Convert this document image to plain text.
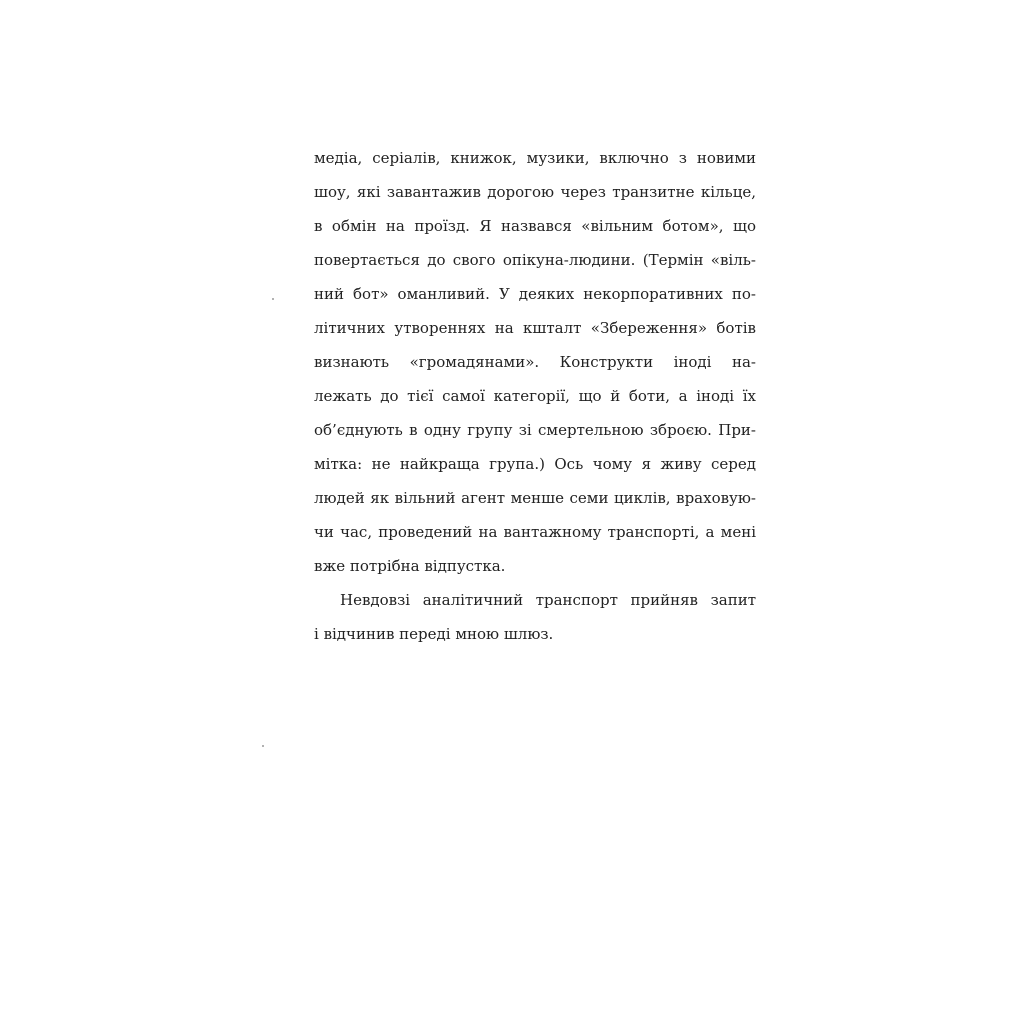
медіа, серіалів, книжок, музики, включно з новими
шоу, які завантажив дорогою через транзитне кільце,
в обмін на проїзд. Я назвався «вільним ботом», що
повертається до свого опікуна-людини. (Термін «віль-
ний бот» оманливий. У деяких некорпоративних по-
літичних утвореннях на кшталт «Збереження» ботів
визнають «громадянами». Конструкти іноді на-
лежать до тієї самої категорії, що й боти, а іноді їх
об’єднують в одну групу зі смертельною зброєю. При-
мітка: не найкраща група.) Ось чому я живу серед
людей як вільний агент менше семи циклів, враховую-
чи час, проведений на вантажному транспорті, а мені
вже потрібна відпустка.
Невдовзі аналітичний транспорт прийняв запит
і відчинив переді мною шлюз.
